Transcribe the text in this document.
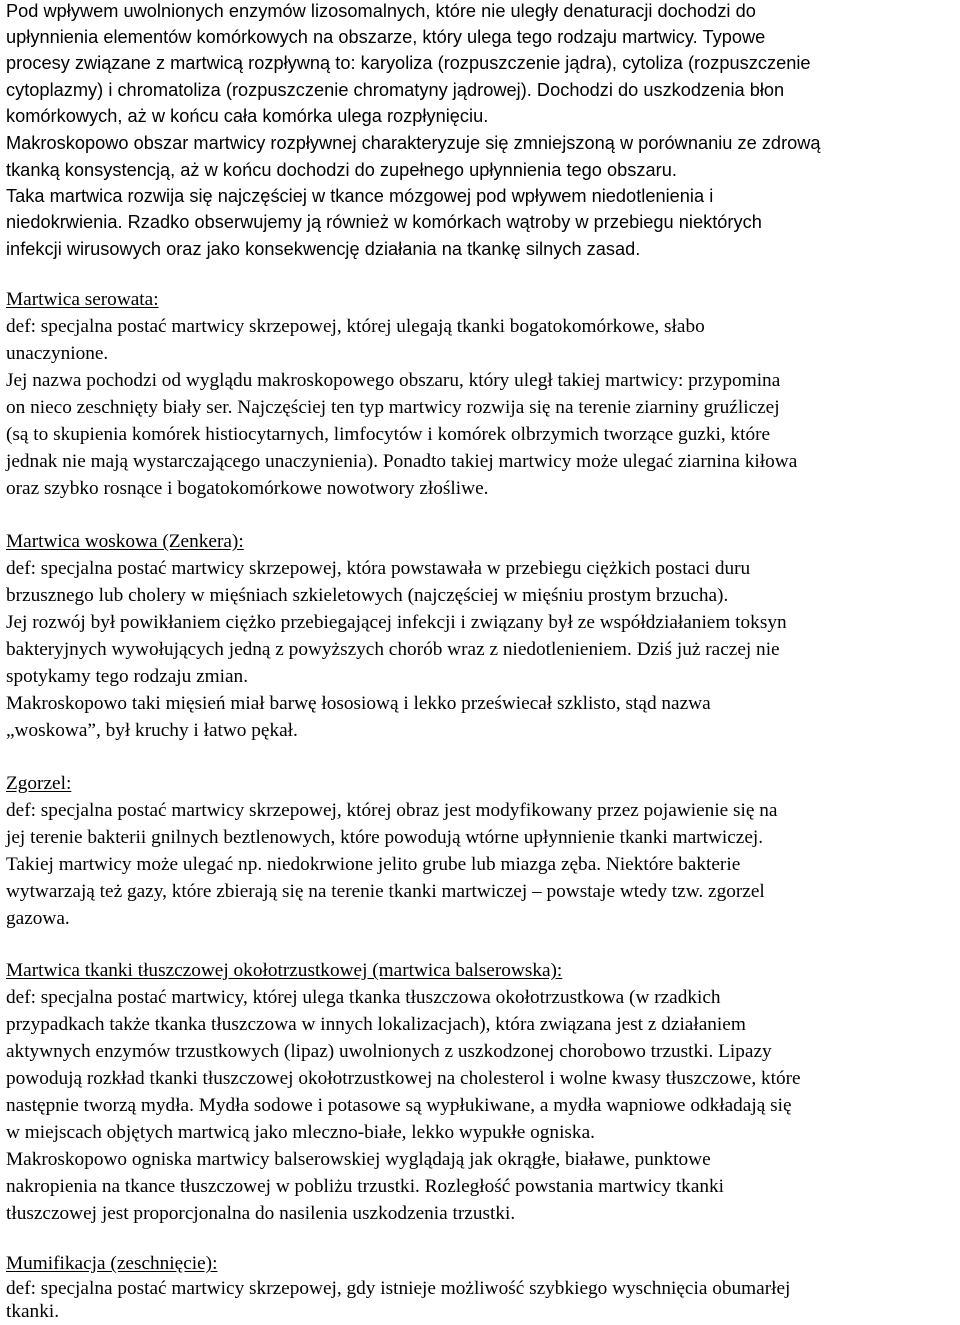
Pod wpływem uwolnionych enzymów lizosomalnych, które nie uległy denaturacji dochodzi do
upłynnienia elementów komórkowych na obszarze, który ulega tego rodzaju martwicy. Typowe
procesy związane z martwicą rozpływną to: karyoliza (rozpuszczenie jądra), cytoliza (rozpuszczenie
cytoplazmy) i chromatoliza (rozpuszczenie chromatyny jądrowej). Dochodzi do uszkodzenia błon
komórkowych, aż w końcu cała komórka ulega rozpłynięciu.
Makroskopowo obszar martwicy rozpływnej charakteryzuje się zmniejszoną w porównaniu ze zdrową
tkanką konsystencją, aż w końcu dochodzi do zupełnego upłynnienia tego obszaru.
Taka martwica rozwija się najczęściej w tkance mózgowej pod wpływem niedotlenienia i
niedokrwienia. Rzadko obserwujemy ją również w komórkach wątroby w przebiegu niektórych
infekcji wirusowych oraz jako konsekwencję działania na tkankę silnych zasad.
Martwica serowata:
def: specjalna postać martwicy skrzepowej, której ulegają tkanki bogatokomórkowe, słabo
unaczynione.
Jej nazwa pochodzi od wyglądu makroskopowego obszaru, który uległ takiej martwicy: przypomina
on nieco zeschnięty biały ser. Najczęściej ten typ martwicy rozwija się na terenie ziarniny gruźliczej
(są to skupienia komórek histiocytarnych, limfocytów i komórek olbrzymich tworzące guzki, które
jednak nie mają wystarczającego unaczynienia). Ponadto takiej martwicy może ulegać ziarnina kiłowa
oraz szybko rosnące i bogatokomórkowe nowotwory złośliwe.
Martwica woskowa (Zenkera):
def: specjalna postać martwicy skrzepowej, która powstawała w przebiegu ciężkich postaci duru
brzusznego lub cholery w mięśniach szkieletowych (najczęściej w mięśniu prostym brzucha).
Jej rozwój był powikłaniem ciężko przebiegającej infekcji i związany był ze współdziałaniem toksyn
bakteryjnych wywołujących jedną z powyższych chorób wraz z niedotlenieniem. Dziś już raczej nie
spotykamy tego rodzaju zmian.
Makroskopowo taki mięsień miał barwę łososiową i lekko przeświecał szklisto, stąd nazwa
„woskowa”, był kruchy i łatwo pękał.
Zgorzel:
def: specjalna postać martwicy skrzepowej, której obraz jest modyfikowany przez pojawienie się na
jej terenie bakterii gnilnych beztlenowych, które powodują wtórne upłynnienie tkanki martwiczej.
Takiej martwicy może ulegać np. niedokrwione jelito grube lub miazga zęba. Niektóre bakterie
wytwarzają też gazy, które zbierają się na terenie tkanki martwiczej – powstaje wtedy tzw. zgorzel
gazowa.
Martwica tkanki tłuszczowej okołotrzustkowej (martwica balserowska):
def: specjalna postać martwicy, której ulega tkanka tłuszczowa okołotrzustkowa (w rzadkich
przypadkach także tkanka tłuszczowa w innych lokalizacjach), która związana jest z działaniem
aktywnych enzymów trzustkowych (lipaz) uwolnionych z uszkodzonej chorobowo trzustki. Lipazy
powodują rozkład tkanki tłuszczowej okołotrzustkowej na cholesterol i wolne kwasy tłuszczowe, które
następnie tworzą mydła. Mydła sodowe i potasowe są wypłukiwane, a mydła wapniowe odkładają się
w miejscach objętych martwicą jako mleczno-białe, lekko wypukłe ogniska.
Makroskopowo ogniska martwicy balserowskiej wyglądają jak okrągłe, białawe, punktowe
nakropienia na tkance tłuszczowej w pobliżu trzustki. Rozległość powstania martwicy tkanki
tłuszczowej jest proporcjonalna do nasilenia uszkodzenia trzustki.
Mumifikacja (zeschnięcie):
def: specjalna postać martwicy skrzepowej, gdy istnieje możliwość szybkiego wyschnięcia obumarłej
tkanki.
